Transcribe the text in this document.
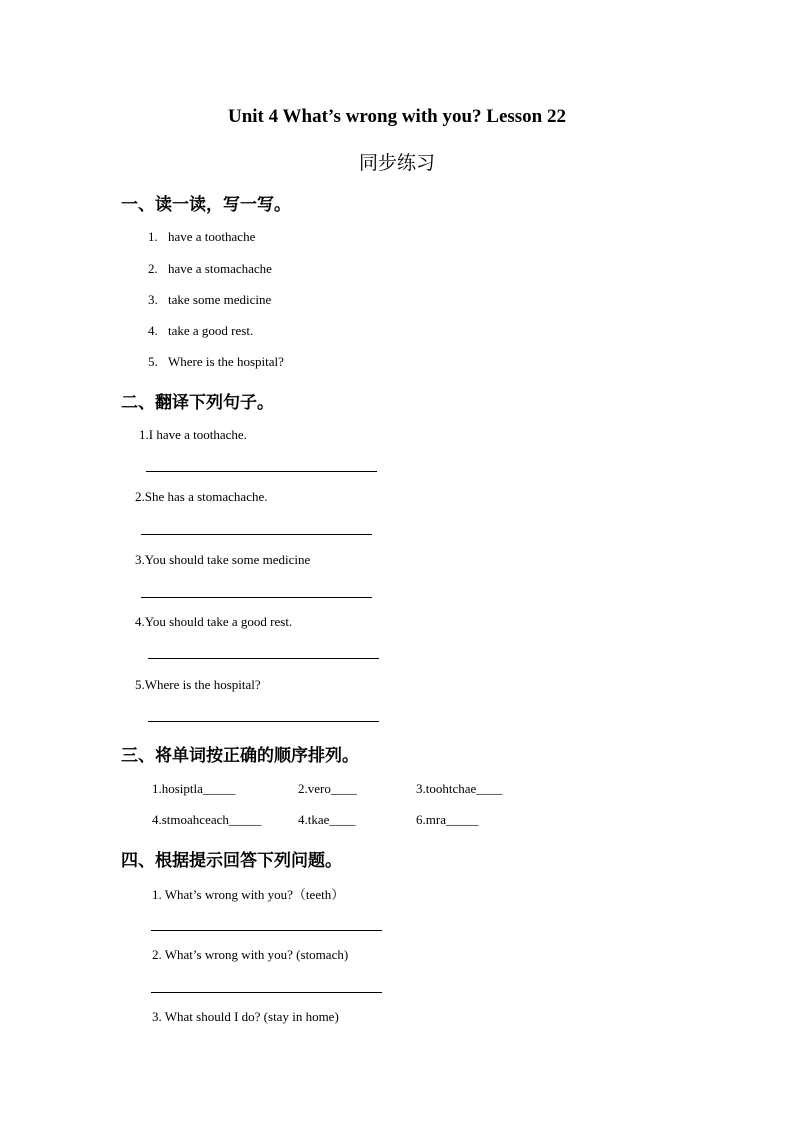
Unit 4 What’s wrong with you? Lesson 22
同步练习
一、读一读，写一写。
1. have a toothache
2. have a stomachache
3. take some medicine
4. take a good rest.
5. Where is the hospital?
二、翻译下列句子。
1.I have a toothache.
2.She has a stomachache.
3.You should take some medicine
4.You should take a good rest.
5.Where is the hospital?
三、将单词按正确的顺序排列。
1.hosiptla_____	2.vero____	3.toohtchae____
4.stmoahceach_____	4.tkae____	6.mra_____
四、根据提示回答下列问题。
1. What’s wrong with you?（teeth）
2. What’s wrong with you? (stomach)
3. What should I do? (stay in home)
